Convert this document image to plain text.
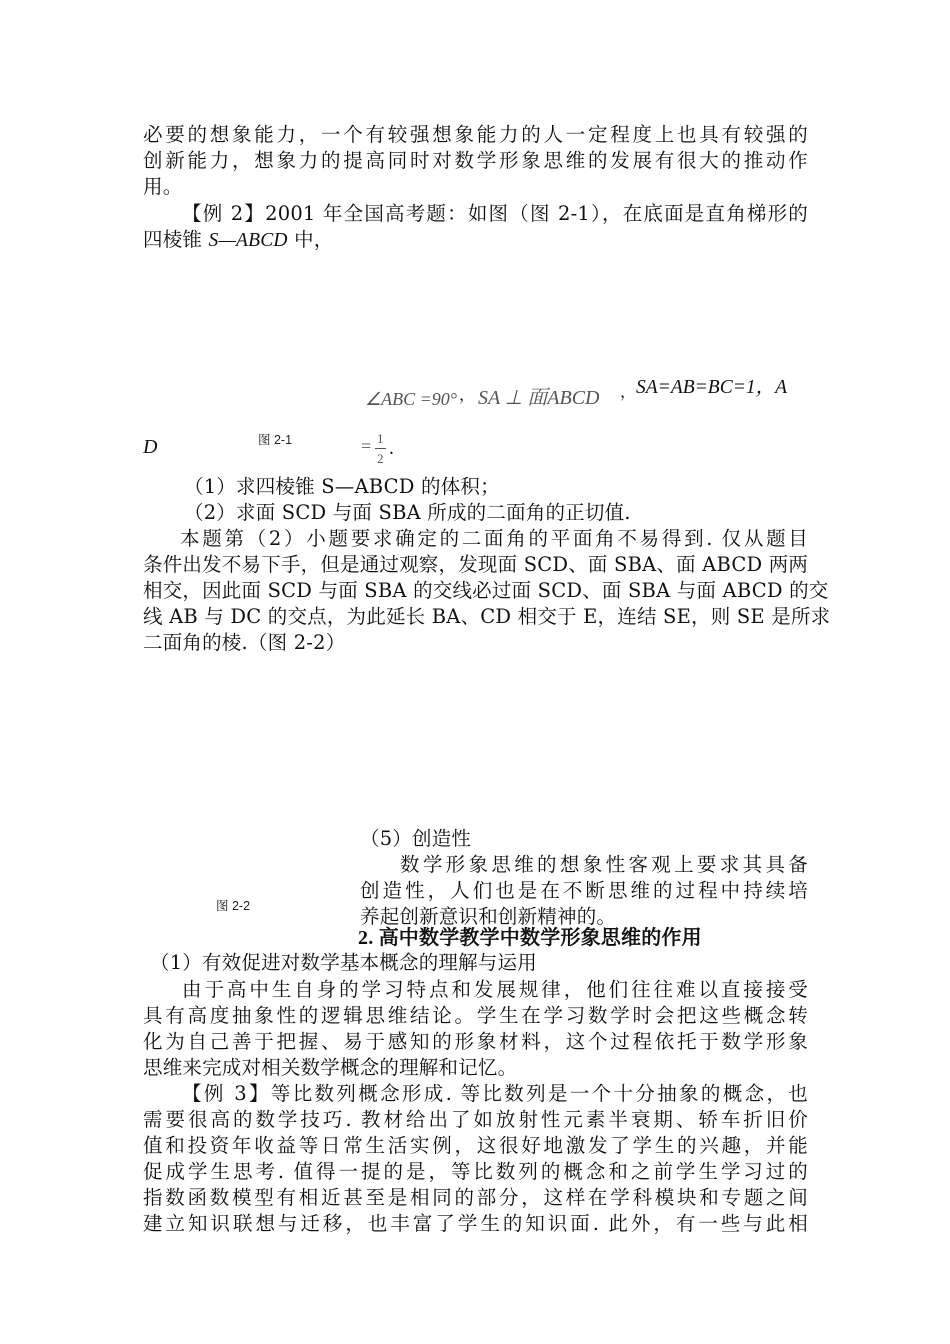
必要的想象能力，一个有较强想象能力的人一定程度上也具有较强的
创新能力，想象力的提高同时对数学形象思维的发展有很大的推动作
用。
【例 2】2001 年全国高考题：如图（图 2-1），在底面是直角梯形的
四棱锥 S—ABCD 中，
∠ABC =90° ， SA ⊥ 面ABCD ， SA=AB=BC=1，A
D	图 2-1	= 1
2 .
（1）求四棱锥 S—ABCD 的体积；
（2）求面 SCD 与面 SBA 所成的二面角的正切值.
本题第（2）小题要求确定的二面角的平面角不易得到. 仅从题目
条件出发不易下手，但是通过观察，发现面 SCD、面 SBA、面 ABCD 两两
相交，因此面 SCD 与面 SBA 的交线必过面 SCD、面 SBA 与面 ABCD 的交
线 AB 与 DC 的交点，为此延长 BA、CD 相交于 E，连结 SE，则 SE 是所求
二面角的棱.（图 2-2）
（5）创造性
数学形象思维的想象性客观上要求其具备
创造性，人们也是在不断思维的过程中持续培
养起创新意识和创新精神的。
图 2-2
2. 高中数学教学中数学形象思维的作用
（1）有效促进对数学基本概念的理解与运用
由于高中生自身的学习特点和发展规律，他们往往难以直接接受
具有高度抽象性的逻辑思维结论。学生在学习数学时会把这些概念转
化为自己善于把握、易于感知的形象材料，这个过程依托于数学形象
思维来完成对相关数学概念的理解和记忆。
【例 3】等比数列概念形成. 等比数列是一个十分抽象的概念，也
需要很高的数学技巧. 教材给出了如放射性元素半衰期、轿车折旧价
值和投资年收益等日常生活实例，这很好地激发了学生的兴趣，并能
促成学生思考. 值得一提的是，等比数列的概念和之前学生学习过的
指数函数模型有相近甚至是相同的部分，这样在学科模块和专题之间
建立知识联想与迁移，也丰富了学生的知识面. 此外，有一些与此相
